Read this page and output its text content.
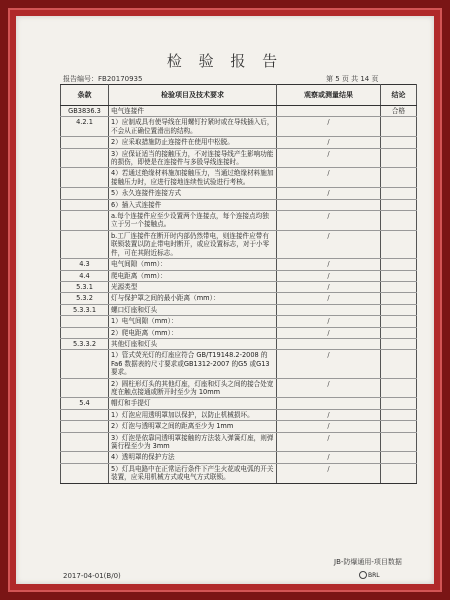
检 验 报 告
报告编号：FB20170935	第 5 页 共 14 页
条款	检验项目及技术要求	观察或测量结果	结论
GB3836.3	电气连接件		合格
4.2.1	1）应制成具有使导线在用螺钉拧紧时或在导线插入后，不会从正确位置滑出的结构。	/	
	2）应采取措施防止连接件在使用中松脱。	/	
	3）应保证适当的接触压力，不对连接导线产生影响功能的损伤，即使是在连接件与多股导线连接时。	/	
	4）若通过绝缘材料施加接触压力，当通过绝缘材料施加接触压力时，应进行接地连续性试验进行考核。	/	
	5）永久连接件连接方式	/	
	6）插入式连接件		
	a.每个连接件应至少设置两个连接点，每个连接点均独立于另一个接触点。	/	
	b.工厂连接件在断开时内部仍然带电，则连接件应带有联锁装置以防止带电时断开，或应设置标志，对于小零件，可在其附近标志。	/	
4.3	电气间隙（mm）：	/	
4.4	爬电距离（mm）：	/	
5.3.1	光源类型	/	
5.3.2	灯与保护罩之间的最小距离（mm）：	/	
5.3.3.1	螺口灯座和灯头		
	1）电气间隙（mm）：	/	
	2）爬电距离（mm）：	/	
5.3.3.2	其他灯座和灯头		
	1）管式荧光灯的灯座应符合 GB/T19148.2-2008 的Fa6 数据表的尺寸要求或GB1312-2007 的G5 或G13 要求。	/	
	2）圆柱形灯头的其他灯座，灯座和灯头之间的接合处宽度在触点接通或断开时至少为 10mm	/	
5.4	帽灯和手提灯		
	1）灯泡应用透明罩加以保护，以防止机械损坏。	/	
	2）灯泡与透明罩之间的距离至少为 1mm	/	
	3）灯泡是依靠同透明罩接触的方法装入弹簧灯座，则弹簧行程至少为 3mm	/	
	4）透明罩的保护方法	/	
	5）灯具电路中在正常运行条件下产生火花或电弧的开关装置，应采用机械方式或电气方式联锁。	/	
JB-防爆通用-项目数据
2017-04-01(B/0)	BRL
